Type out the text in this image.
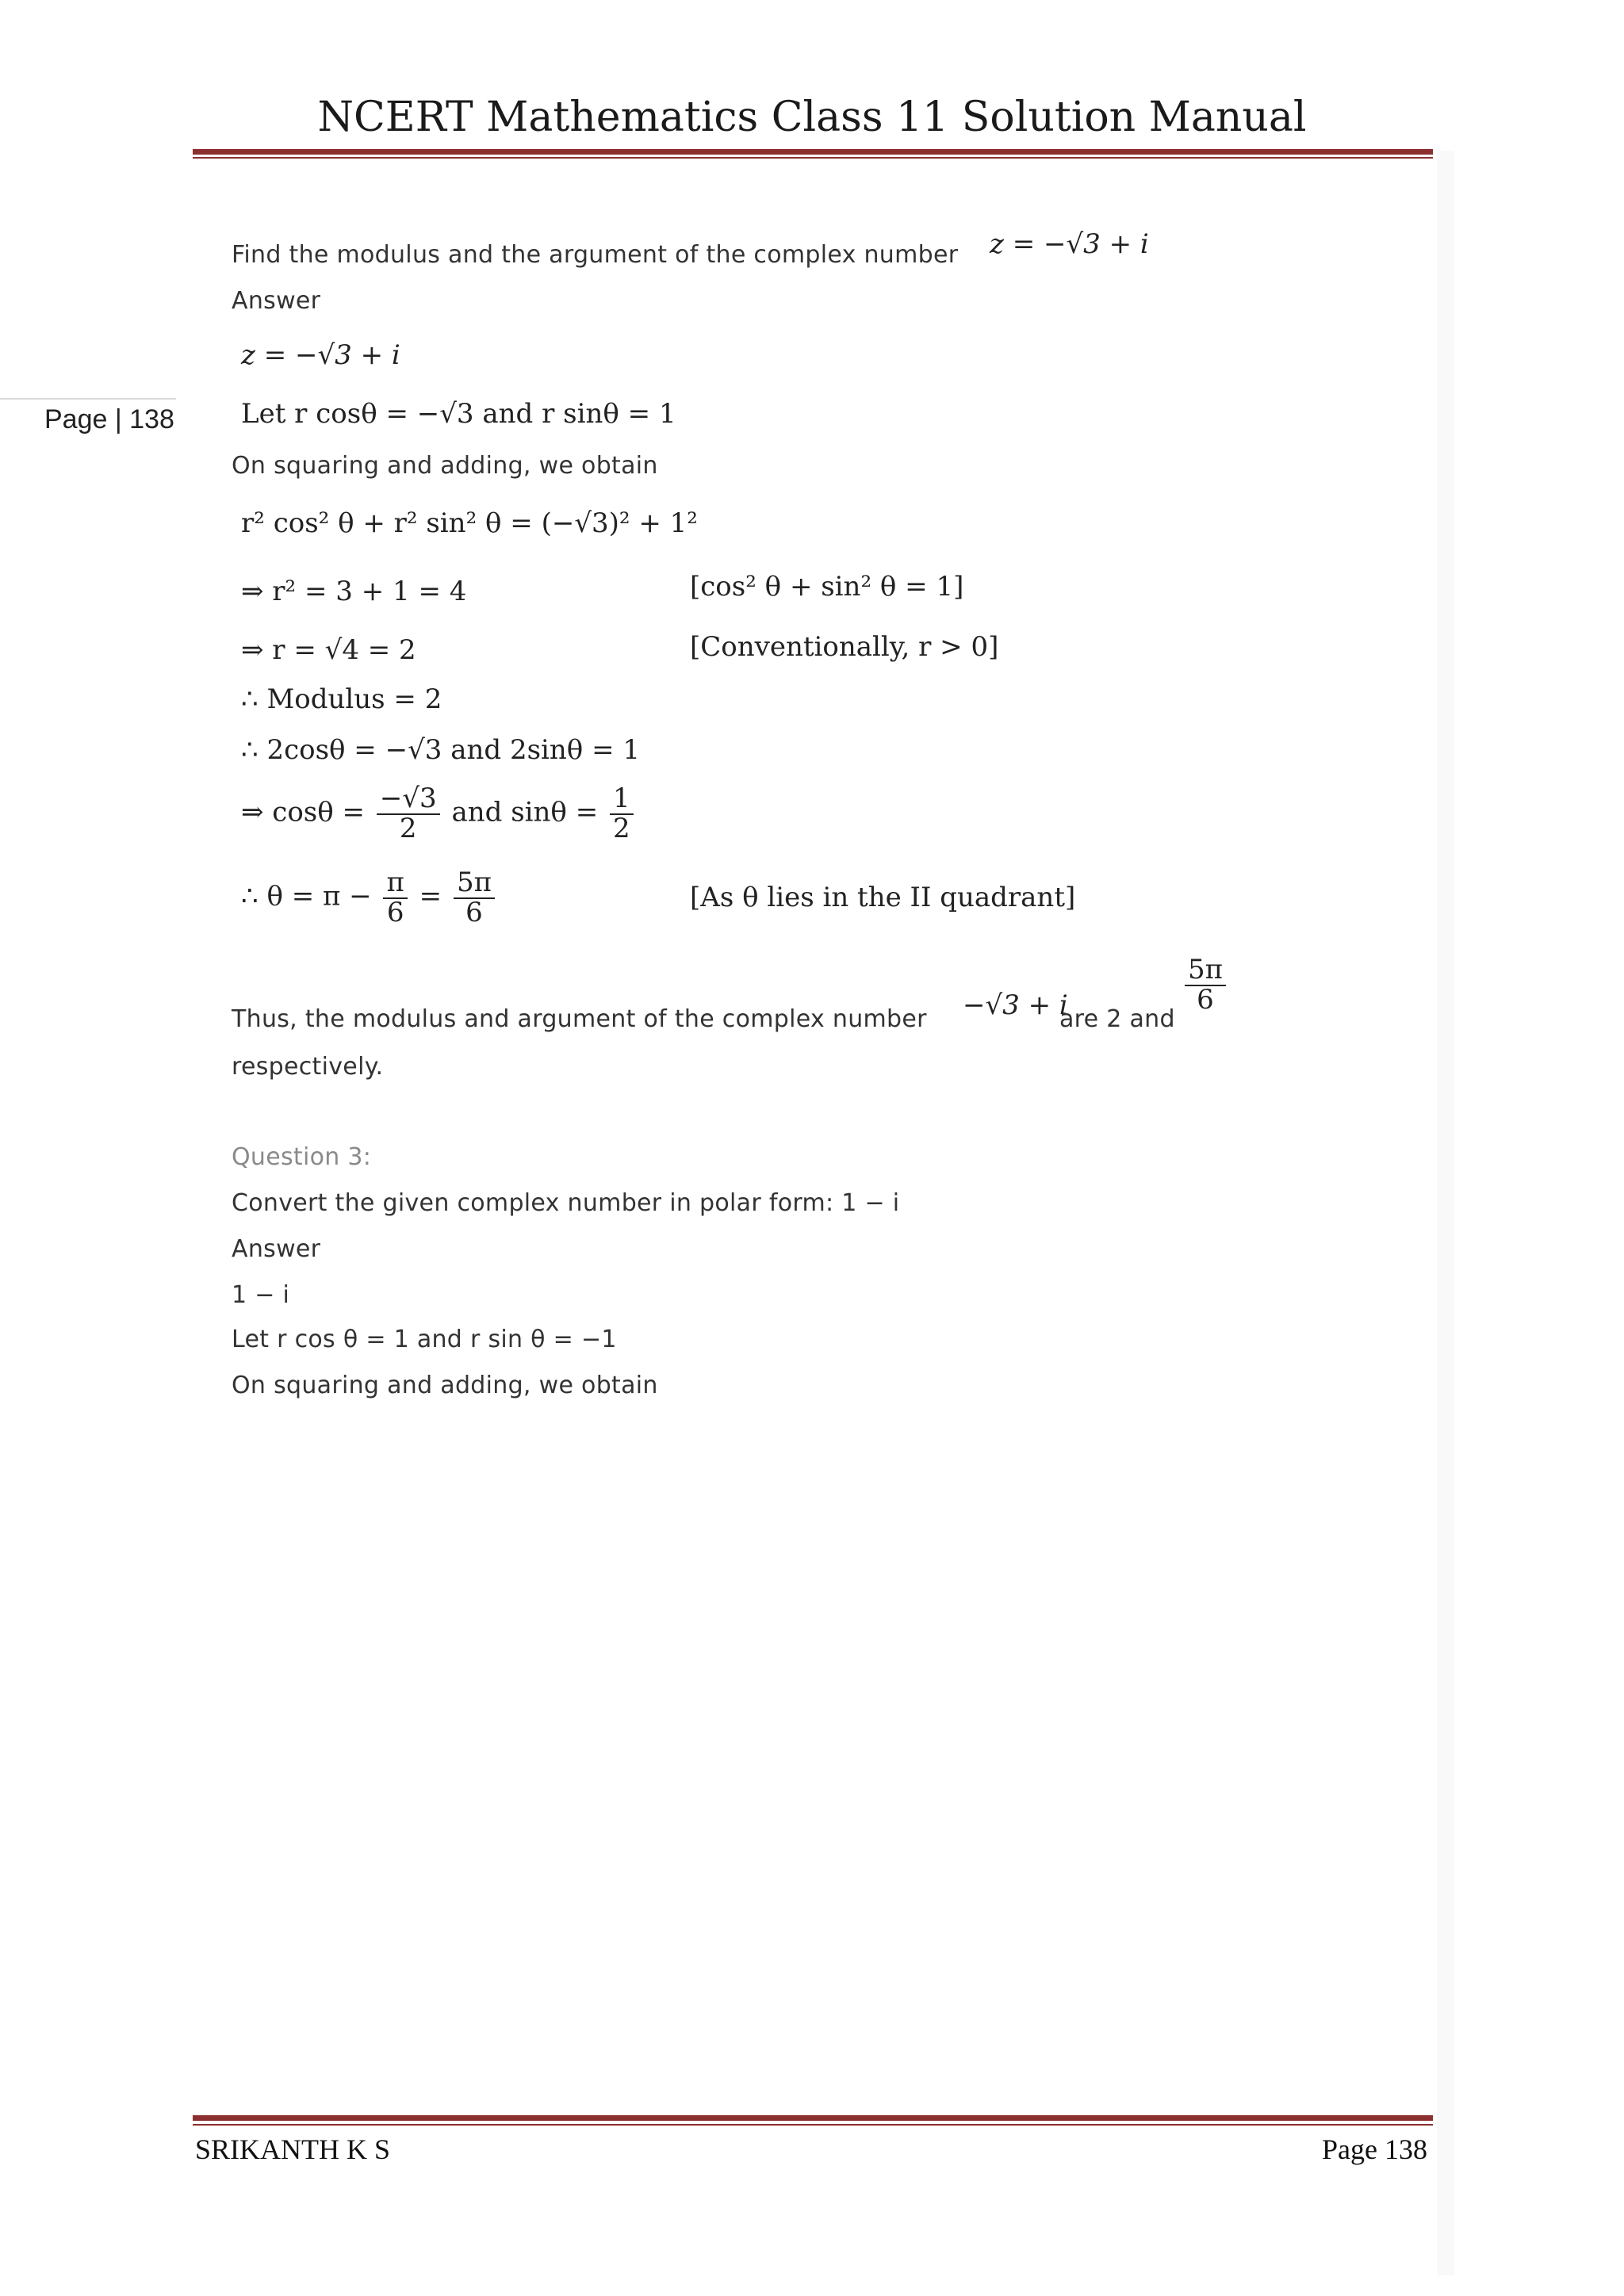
NCERT Mathematics Class 11 Solution Manual
Page | 138
Find the modulus and the argument of the complex number z = −√3 + i
Answer
z = −√3 + i
Let r cosθ = −√3 and r sinθ = 1
On squaring and adding, we obtain
r² cos² θ + r² sin² θ = (−√3)² + 1²
⇒ r² = 3 + 1 = 4	[cos² θ + sin² θ = 1]
⇒ r = √4 = 2	[Conventionally, r > 0]
∴ Modulus = 2
∴ 2cosθ = −√3 and 2sinθ = 1
⇒ $\cos\theta = \frac{-√3}{2}$ and $\sin\theta = \frac{1}{2}$
∴ $\theta = \pi - \frac{\pi}{6} = \frac{5\pi}{6}$	[As θ lies in the II quadrant]
Thus, the modulus and argument of the complex number −√3 + i
are 2 and
$\frac{5\pi}{6}$
respectively.
Question 3:
Convert the given complex number in polar form: 1 − i
Answer
1 − i
Let r cos θ = 1 and r sin θ = −1
On squaring and adding, we obtain
SRIKANTH K S	Page 138
